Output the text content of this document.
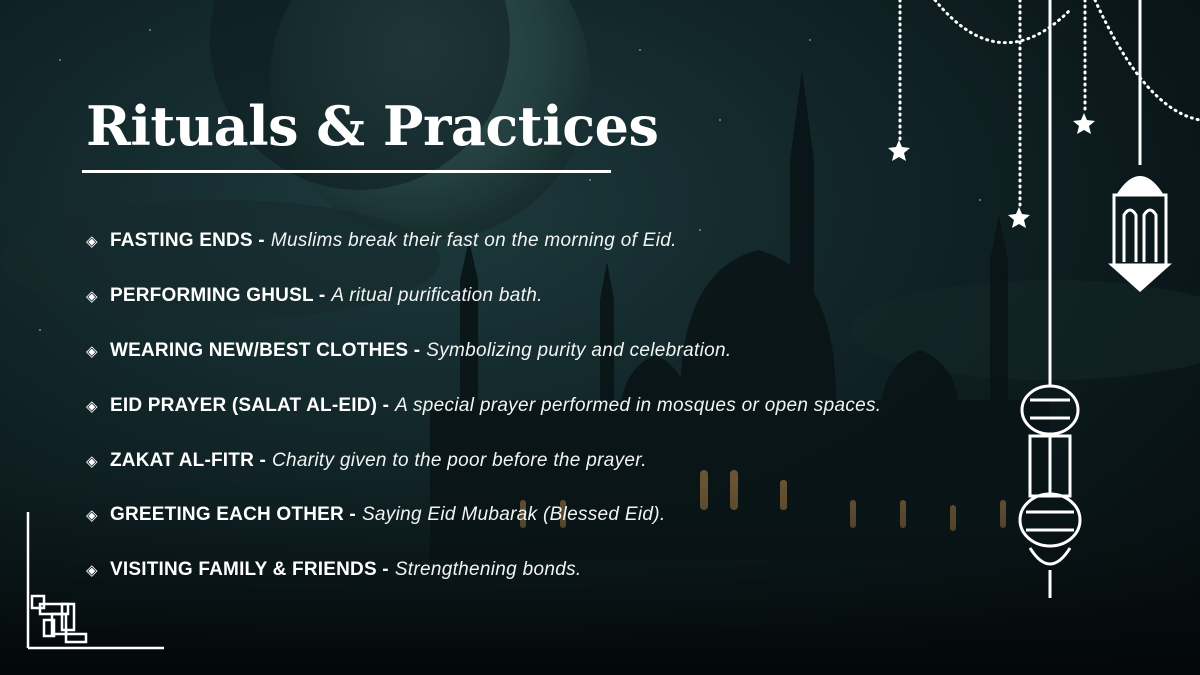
Rituals & Practices
◈ FASTING ENDS - Muslims break their fast on the morning of Eid.
◈ PERFORMING GHUSL - A ritual purification bath.
◈ WEARING NEW/BEST CLOTHES - Symbolizing purity and celebration.
◈ EID PRAYER (SALAT AL-EID) - A special prayer performed in mosques or open spaces.
◈ ZAKAT AL-FITR - Charity given to the poor before the prayer.
◈ GREETING EACH OTHER - Saying Eid Mubarak (Blessed Eid).
◈ VISITING FAMILY & FRIENDS - Strengthening bonds.
